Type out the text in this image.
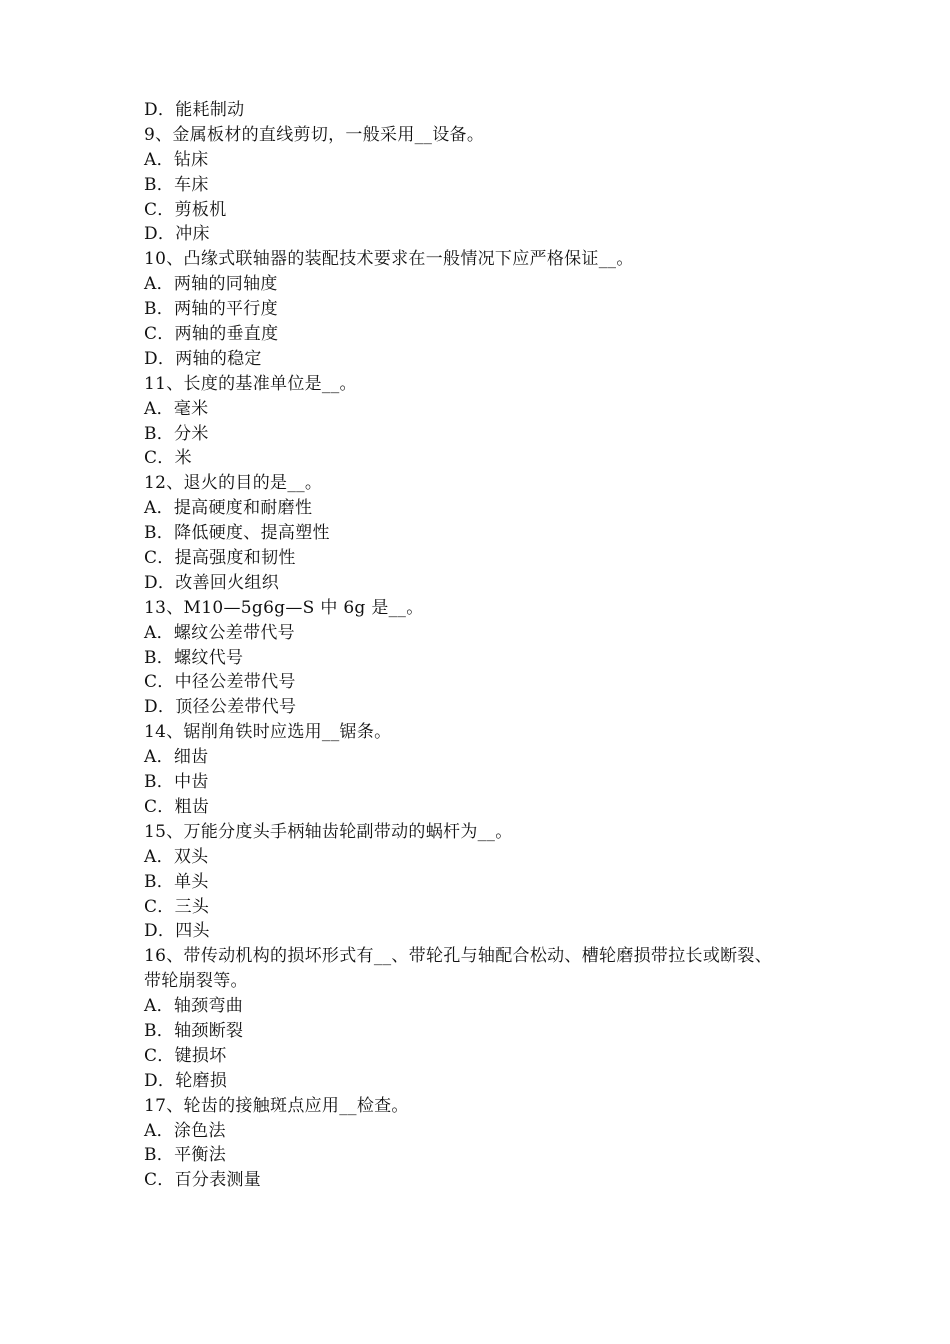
D．能耗制动
9、金属板材的直线剪切，一般采用__设备。
A．钻床
B．车床
C．剪板机
D．冲床
10、凸缘式联轴器的装配技术要求在一般情况下应严格保证__。
A．两轴的同轴度
B．两轴的平行度
C．两轴的垂直度
D．两轴的稳定
11、长度的基准单位是__。
A．毫米
B．分米
C．米
12、退火的目的是__。
A．提高硬度和耐磨性
B．降低硬度、提高塑性
C．提高强度和韧性
D．改善回火组织
13、M10—5g6g—S 中 6g 是__。
A．螺纹公差带代号
B．螺纹代号
C．中径公差带代号
D．顶径公差带代号
14、锯削角铁时应选用__锯条。
A．细齿
B．中齿
C．粗齿
15、万能分度头手柄轴齿轮副带动的蜗杆为__。
A．双头
B．单头
C．三头
D．四头
16、带传动机构的损坏形式有__、带轮孔与轴配合松动、槽轮磨损带拉长或断裂、
带轮崩裂等。
A．轴颈弯曲
B．轴颈断裂
C．键损坏
D．轮磨损
17、轮齿的接触斑点应用__检查。
A．涂色法
B．平衡法
C．百分表测量
